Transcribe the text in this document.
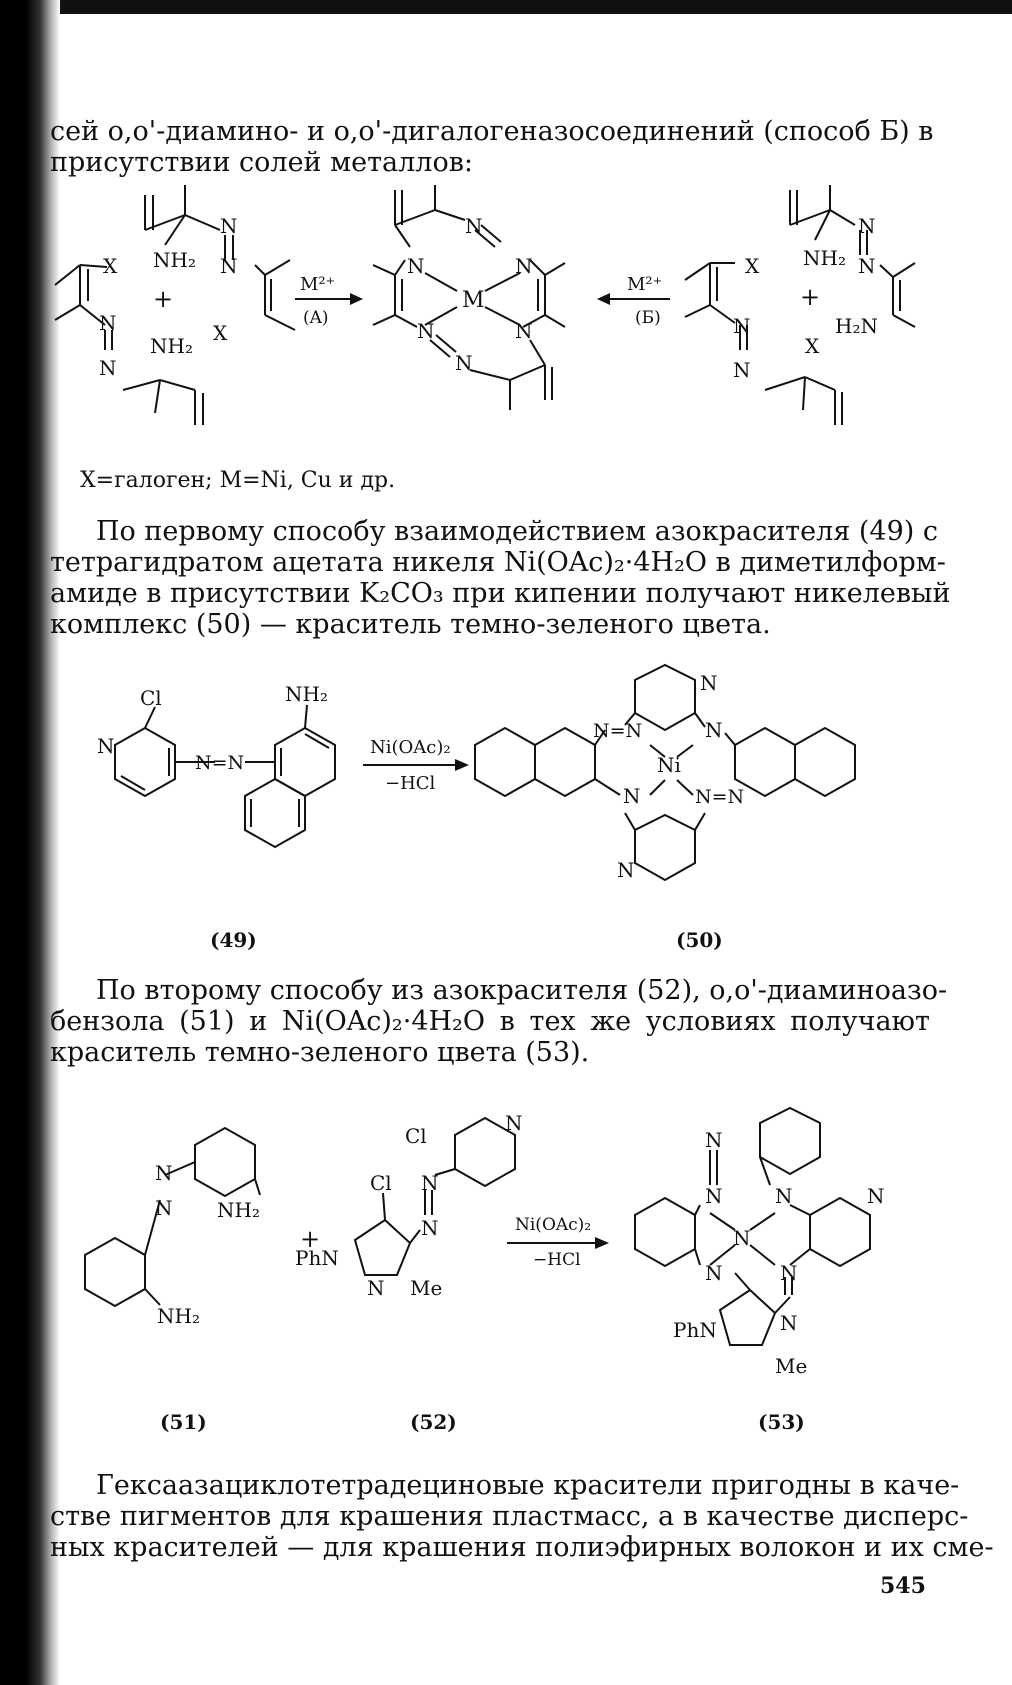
сей o,o'-диамино- и o,o'-дигалогеназосоединений (способ Б) в
присутствии солей металлов:
X NH₂
N
N
+
X
NH₂
N
N
M²⁺
(A)
N
N	N
M
N	N
N
M²⁺
(Б)
X NH₂
N
N
+
H₂N
X
N
N
X=галоген; M=Ni, Cu и др.
По первому способу взаимодействием азокрасителя (49) с
тетрагидратом ацетата никеля Ni(OAc)₂·4H₂O в диметилформ-
амиде в присутствии K₂CO₃ при кипении получают никелевый
комплекс (50) — краситель темно-зеленого цвета.
Cl
N
N=N
NH₂
Ni(OAc)₂
−HCl
N
N=N	N
Ni
N	N=N
N
(49)	(50)
По второму способу из азокрасителя (52), o,o'-диаминоазо-
бензола (51) и Ni(OAc)₂·4H₂O в тех же условиях получают
краситель темно-зеленого цвета (53).
N
N NH₂
NH₂
+
Cl
N
N
N
Cl
PhN
N Me
Ni(OAc)₂
−HCl
N
N	N	N
N
N	N
N
PhN
Me
(51)	(52)	(53)
Гексаазациклотетрадециновые красители пригодны в каче-
стве пигментов для крашения пластмасс, а в качестве дисперс-
ных красителей — для крашения полиэфирных волокон и их сме-
545
